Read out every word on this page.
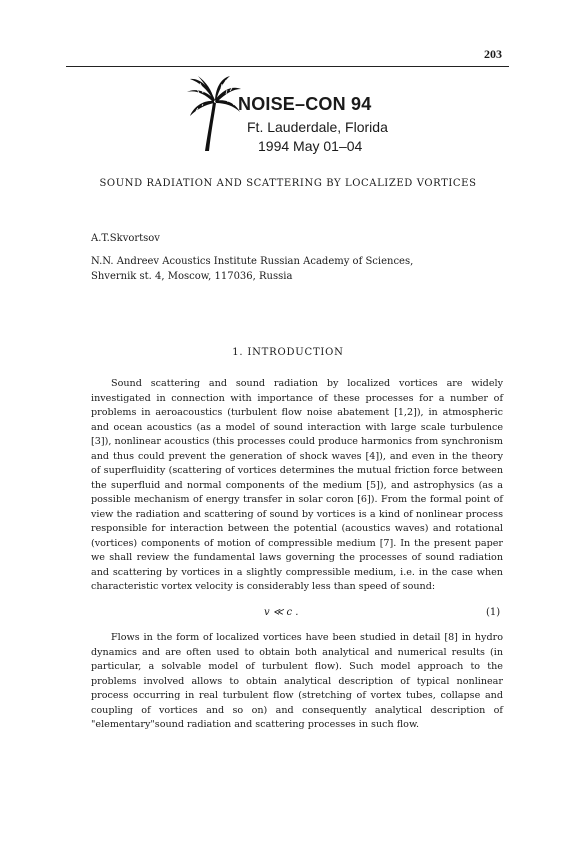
203
NOISE–CON 94
Ft. Lauderdale, Florida
1994 May 01–04
SOUND RADIATION AND SCATTERING BY LOCALIZED VORTICES
A.T.Skvortsov
N.N. Andreev Acoustics Institute Russian Academy of Sciences,
Shvernik st. 4, Moscow, 117036, Russia
1. INTRODUCTION
Sound scattering and sound radiation by localized vortices are widely investigated in connection with importance of these processes for a number of problems in aeroacoustics (turbulent flow noise abatement [1,2]), in atmospheric and ocean acoustics (as a model of sound interaction with large scale turbulence [3]), nonlinear acoustics (this processes could produce harmonics from synchronism and thus could prevent the generation of shock waves [4]), and even in the theory of superfluidity (scattering of vortices determines the mutual friction force between the superfluid and normal components of the medium [5]), and astrophysics (as a possible mechanism of energy transfer in solar coron [6]). From the formal point of view the radiation and scattering of sound by vortices is a kind of nonlinear process responsible for interaction between the potential (acoustics waves) and rotational (vortices) components of motion of compressible medium [7]. In the present paper we shall review the fundamental laws governing the processes of sound radiation and scattering by vortices in a slightly compressible medium, i.e. in the case when characteristic vortex velocity is considerably less than speed of sound:
v ≪ c .	(1)
Flows in the form of localized vortices have been studied in detail [8] in hydro dynamics and are often used to obtain both analytical and numerical results (in particular, a solvable model of turbulent flow). Such model approach to the problems involved allows to obtain analytical description of typical nonlinear process occurring in real turbulent flow (stretching of vortex tubes, collapse and coupling of vortices and so on) and consequently analytical description of "elementary"sound radiation and scattering processes in such flow.
